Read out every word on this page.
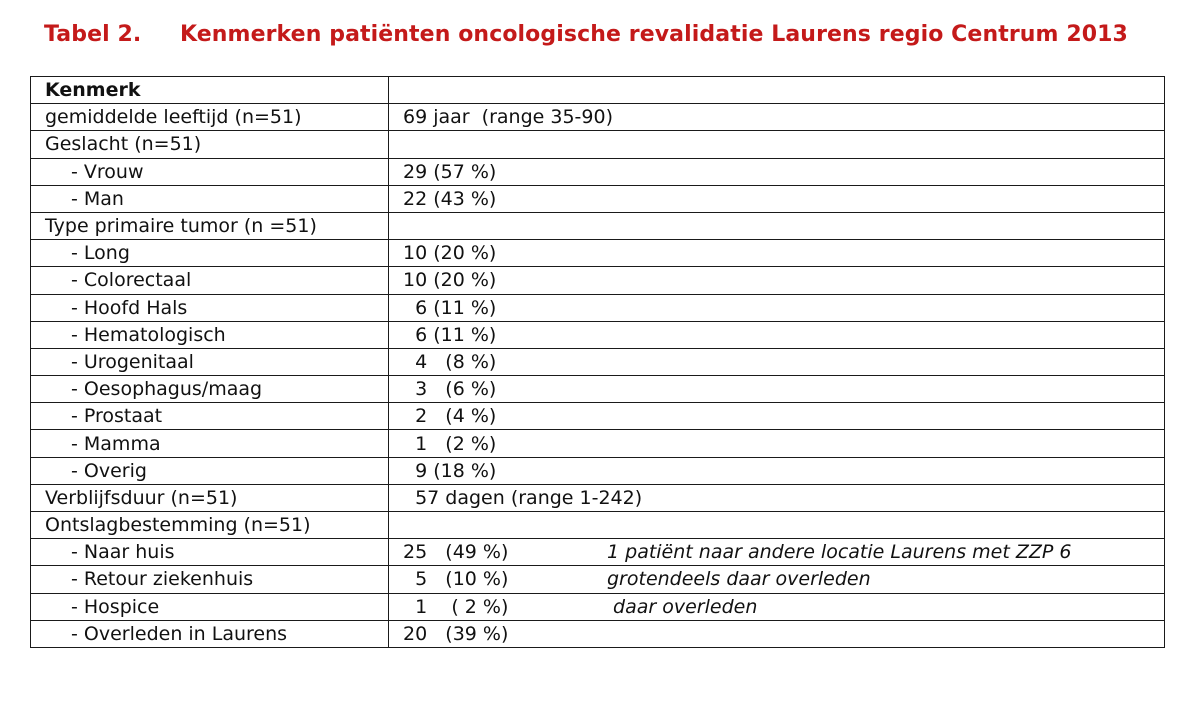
Tabel 2. Kenmerken patiënten oncologische revalidatie Laurens regio Centrum 2013
Kenmerk	
gemiddelde leeftijd (n=51)	69 jaar  (range 35-90)
Geslacht (n=51)	
- Vrouw	29 (57 %)
- Man	22 (43 %)
Type primaire tumor (n =51)	
- Long	10 (20 %)
- Colorectaal	10 (20 %)
- Hoofd Hals	6 (11 %)
- Hematologisch	6 (11 %)
- Urogenitaal	4   (8 %)
- Oesophagus/maag	3   (6 %)
- Prostaat	2   (4 %)
- Mamma	1   (2 %)
- Overig	9 (18 %)
Verblijfsduur (n=51)	57 dagen (range 1-242)
Ontslagbestemming (n=51)	
- Naar huis	25   (49 %) 1 patiënt naar andere locatie Laurens met ZZP 6
- Retour ziekenhuis	5   (10 %) grotendeels daar overleden
- Hospice	1    ( 2 %) daar overleden
- Overleden in Laurens	20   (39 %)
